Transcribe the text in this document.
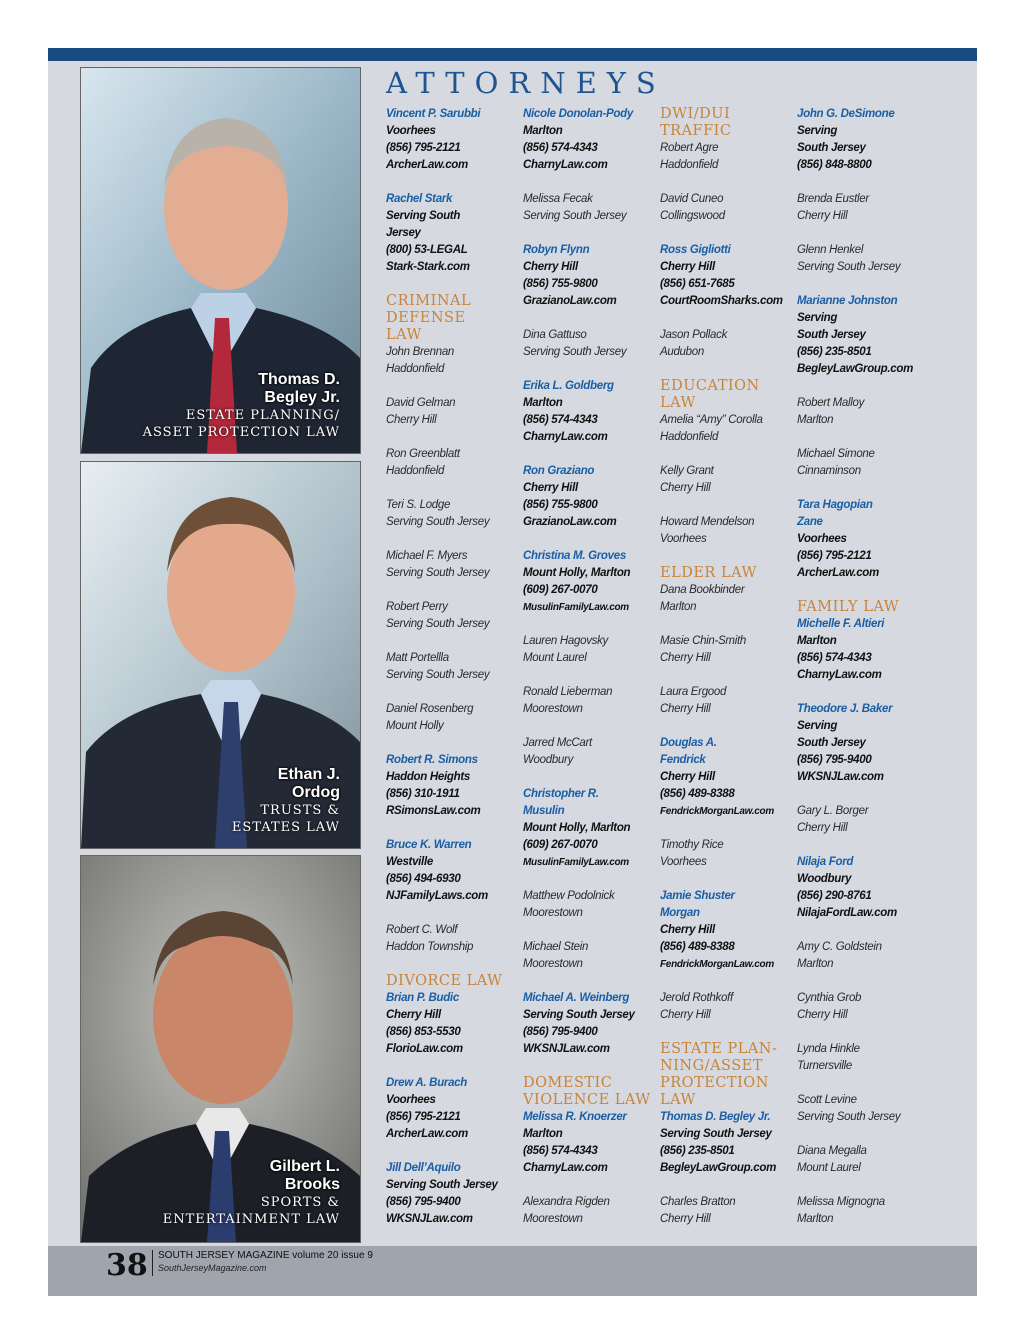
Thomas D.
Begley Jr.
ESTATE PLANNING/
ASSET PROTECTION LAW
Ethan J.
Ordog
TRUSTS &
ESTATES LAW
Gilbert L.
Brooks
SPORTS &
ENTERTAINMENT LAW
ATTORNEYS

Vincent P. Sarubbi

Voorhees

(856) 795-2121

ArcherLaw.com

Rachel Stark

Serving South

Jersey

(800) 53-LEGAL

Stark-Stark.com

CRIMINAL

DEFENSE

LAW

John Brennan

Haddonfield

David Gelman

Cherry Hill

Ron Greenblatt

Haddonfield

Teri S. Lodge

Serving South Jersey

Michael F. Myers

Serving South Jersey

Robert Perry

Serving South Jersey

Matt Portellla

Serving South Jersey

Daniel Rosenberg

Mount Holly

Robert R. Simons

Haddon Heights

(856) 310-1911

RSimonsLaw.com

Bruce K. Warren

Westville

(856) 494-6930

NJFamilyLaws.com

Robert C. Wolf

Haddon Township

DIVORCE LAW

Brian P. Budic

Cherry Hill

(856) 853-5530

FlorioLaw.com

Drew A. Burach

Voorhees

(856) 795-2121

ArcherLaw.com

Jill Dell’Aquilo

Serving South Jersey

(856) 795-9400

WKSNJLaw.com

Nicole Donolan-Pody

Marlton

(856) 574-4343

CharnyLaw.com

Melissa Fecak

Serving South Jersey

Robyn Flynn

Cherry Hill

(856) 755-9800

GrazianoLaw.com

Dina Gattuso

Serving South Jersey

Erika L. Goldberg

Marlton

(856) 574-4343

CharnyLaw.com

Ron Graziano

Cherry Hill

(856) 755-9800

GrazianoLaw.com

Christina M. Groves

Mount Holly, Marlton

(609) 267-0070

MusulinFamilyLaw.com

Lauren Hagovsky

Mount Laurel

Ronald Lieberman

Moorestown

Jarred McCart

Woodbury

Christopher R.

Musulin

Mount Holly, Marlton

(609) 267-0070

MusulinFamilyLaw.com

Matthew Podolnick

Moorestown

Michael Stein

Moorestown

Michael A. Weinberg

Serving South Jersey

(856) 795-9400

WKSNJLaw.com

DOMESTIC

VIOLENCE LAW

Melissa R. Knoerzer

Marlton

(856) 574-4343

CharnyLaw.com

Alexandra Rigden

Moorestown

DWI/DUI

TRAFFIC

Robert Agre

Haddonfield

David Cuneo

Collingswood

Ross Gigliotti

Cherry Hill

(856) 651-7685

CourtRoomSharks.com

Jason Pollack

Audubon

EDUCATION

LAW

Amelia “Amy” Corolla

Haddonfield

Kelly Grant

Cherry Hill

Howard Mendelson

Voorhees

ELDER LAW

Dana Bookbinder

Marlton

Masie Chin-Smith

Cherry Hill

Laura Ergood

Cherry Hill

Douglas A.

Fendrick

Cherry Hill

(856) 489-8388

FendrickMorganLaw.com

Timothy Rice

Voorhees

Jamie Shuster

Morgan

Cherry Hill

(856) 489-8388

FendrickMorganLaw.com

Jerold Rothkoff

Cherry Hill

ESTATE PLAN-

NING/ASSET

PROTECTION

LAW

Thomas D. Begley Jr.

Serving South Jersey

(856) 235-8501

BegleyLawGroup.com

Charles Bratton

Cherry Hill

John G. DeSimone

Serving

South Jersey

(856) 848-8800

Brenda Eustler

Cherry Hill

Glenn Henkel

Serving South Jersey

Marianne Johnston

Serving

South Jersey

(856) 235-8501

BegleyLawGroup.com

Robert Malloy

Marlton

Michael Simone

Cinnaminson

Tara Hagopian

Zane

Voorhees

(856) 795-2121

ArcherLaw.com

FAMILY LAW

Michelle F. Altieri

Marlton

(856) 574-4343

CharnyLaw.com

Theodore J. Baker

Serving

South Jersey

(856) 795-9400

WKSNJLaw.com

Gary L. Borger

Cherry Hill

Nilaja Ford

Woodbury

(856) 290-8761

NilajaFordLaw.com

Amy C. Goldstein

Marlton

Cynthia Grob

Cherry Hill

Lynda Hinkle

Turnersville

Scott Levine

Serving South Jersey

Diana Megalla

Mount Laurel

Melissa Mignogna

Marlton

38 SOUTH JERSEY MAGAZINE volume 20 issue 9
SouthJerseyMagazine.com
